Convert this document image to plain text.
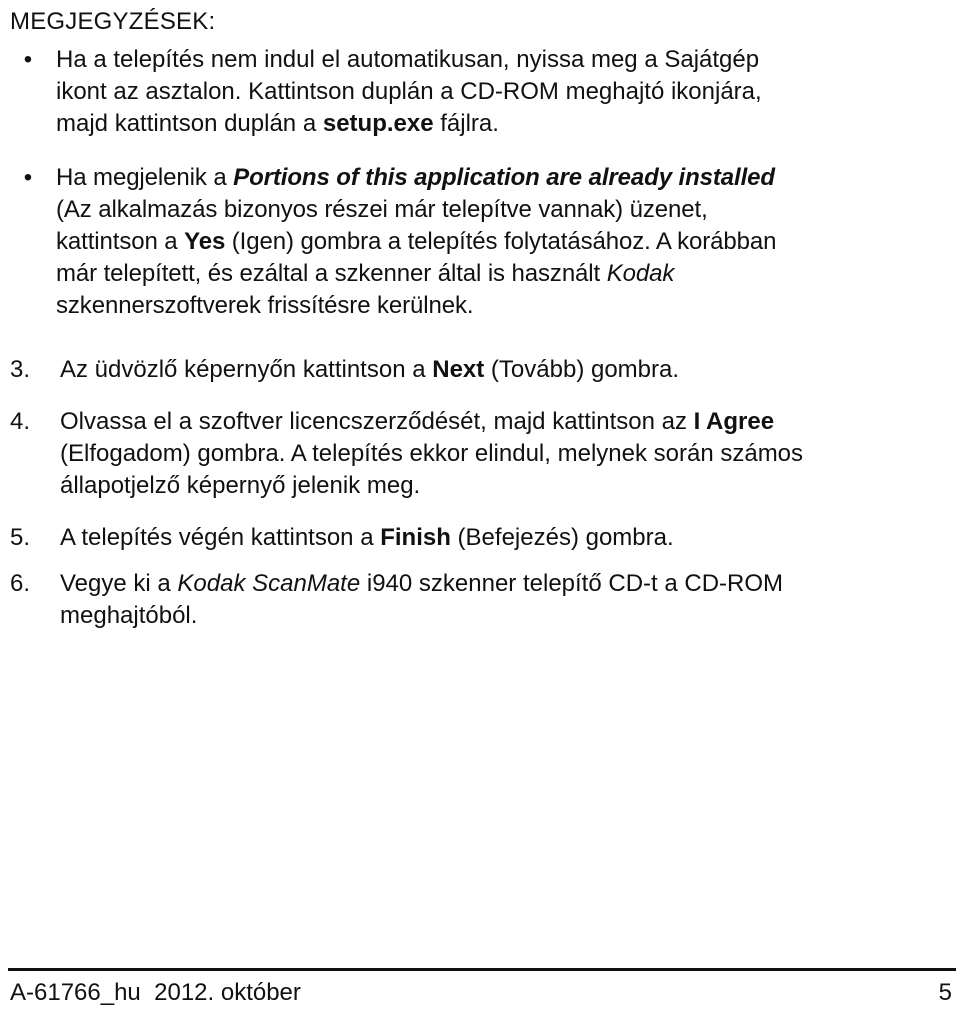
MEGJEGYZÉSEK:
• Ha a telepítés nem indul el automatikusan, nyissa meg a Sajátgép
ikont az asztalon. Kattintson duplán a CD-ROM meghajtó ikonjára,
majd kattintson duplán a setup.exe fájlra.
• Ha megjelenik a Portions of this application are already installed
(Az alkalmazás bizonyos részei már telepítve vannak) üzenet,
kattintson a Yes (Igen) gombra a telepítés folytatásához. A korábban
már telepített, és ezáltal a szkenner által is használt Kodak
szkennerszoftverek frissítésre kerülnek.
3. Az üdvözlő képernyőn kattintson a Next (Tovább) gombra.
4. Olvassa el a szoftver licencszerződését, majd kattintson az I Agree
(Elfogadom) gombra. A telepítés ekkor elindul, melynek során számos
állapotjelző képernyő jelenik meg.
5. A telepítés végén kattintson a Finish (Befejezés) gombra.
6. Vegye ki a Kodak ScanMate i940 szkenner telepítő CD-t a CD-ROM
meghajtóból.
A-61766_hu  2012. október	5
